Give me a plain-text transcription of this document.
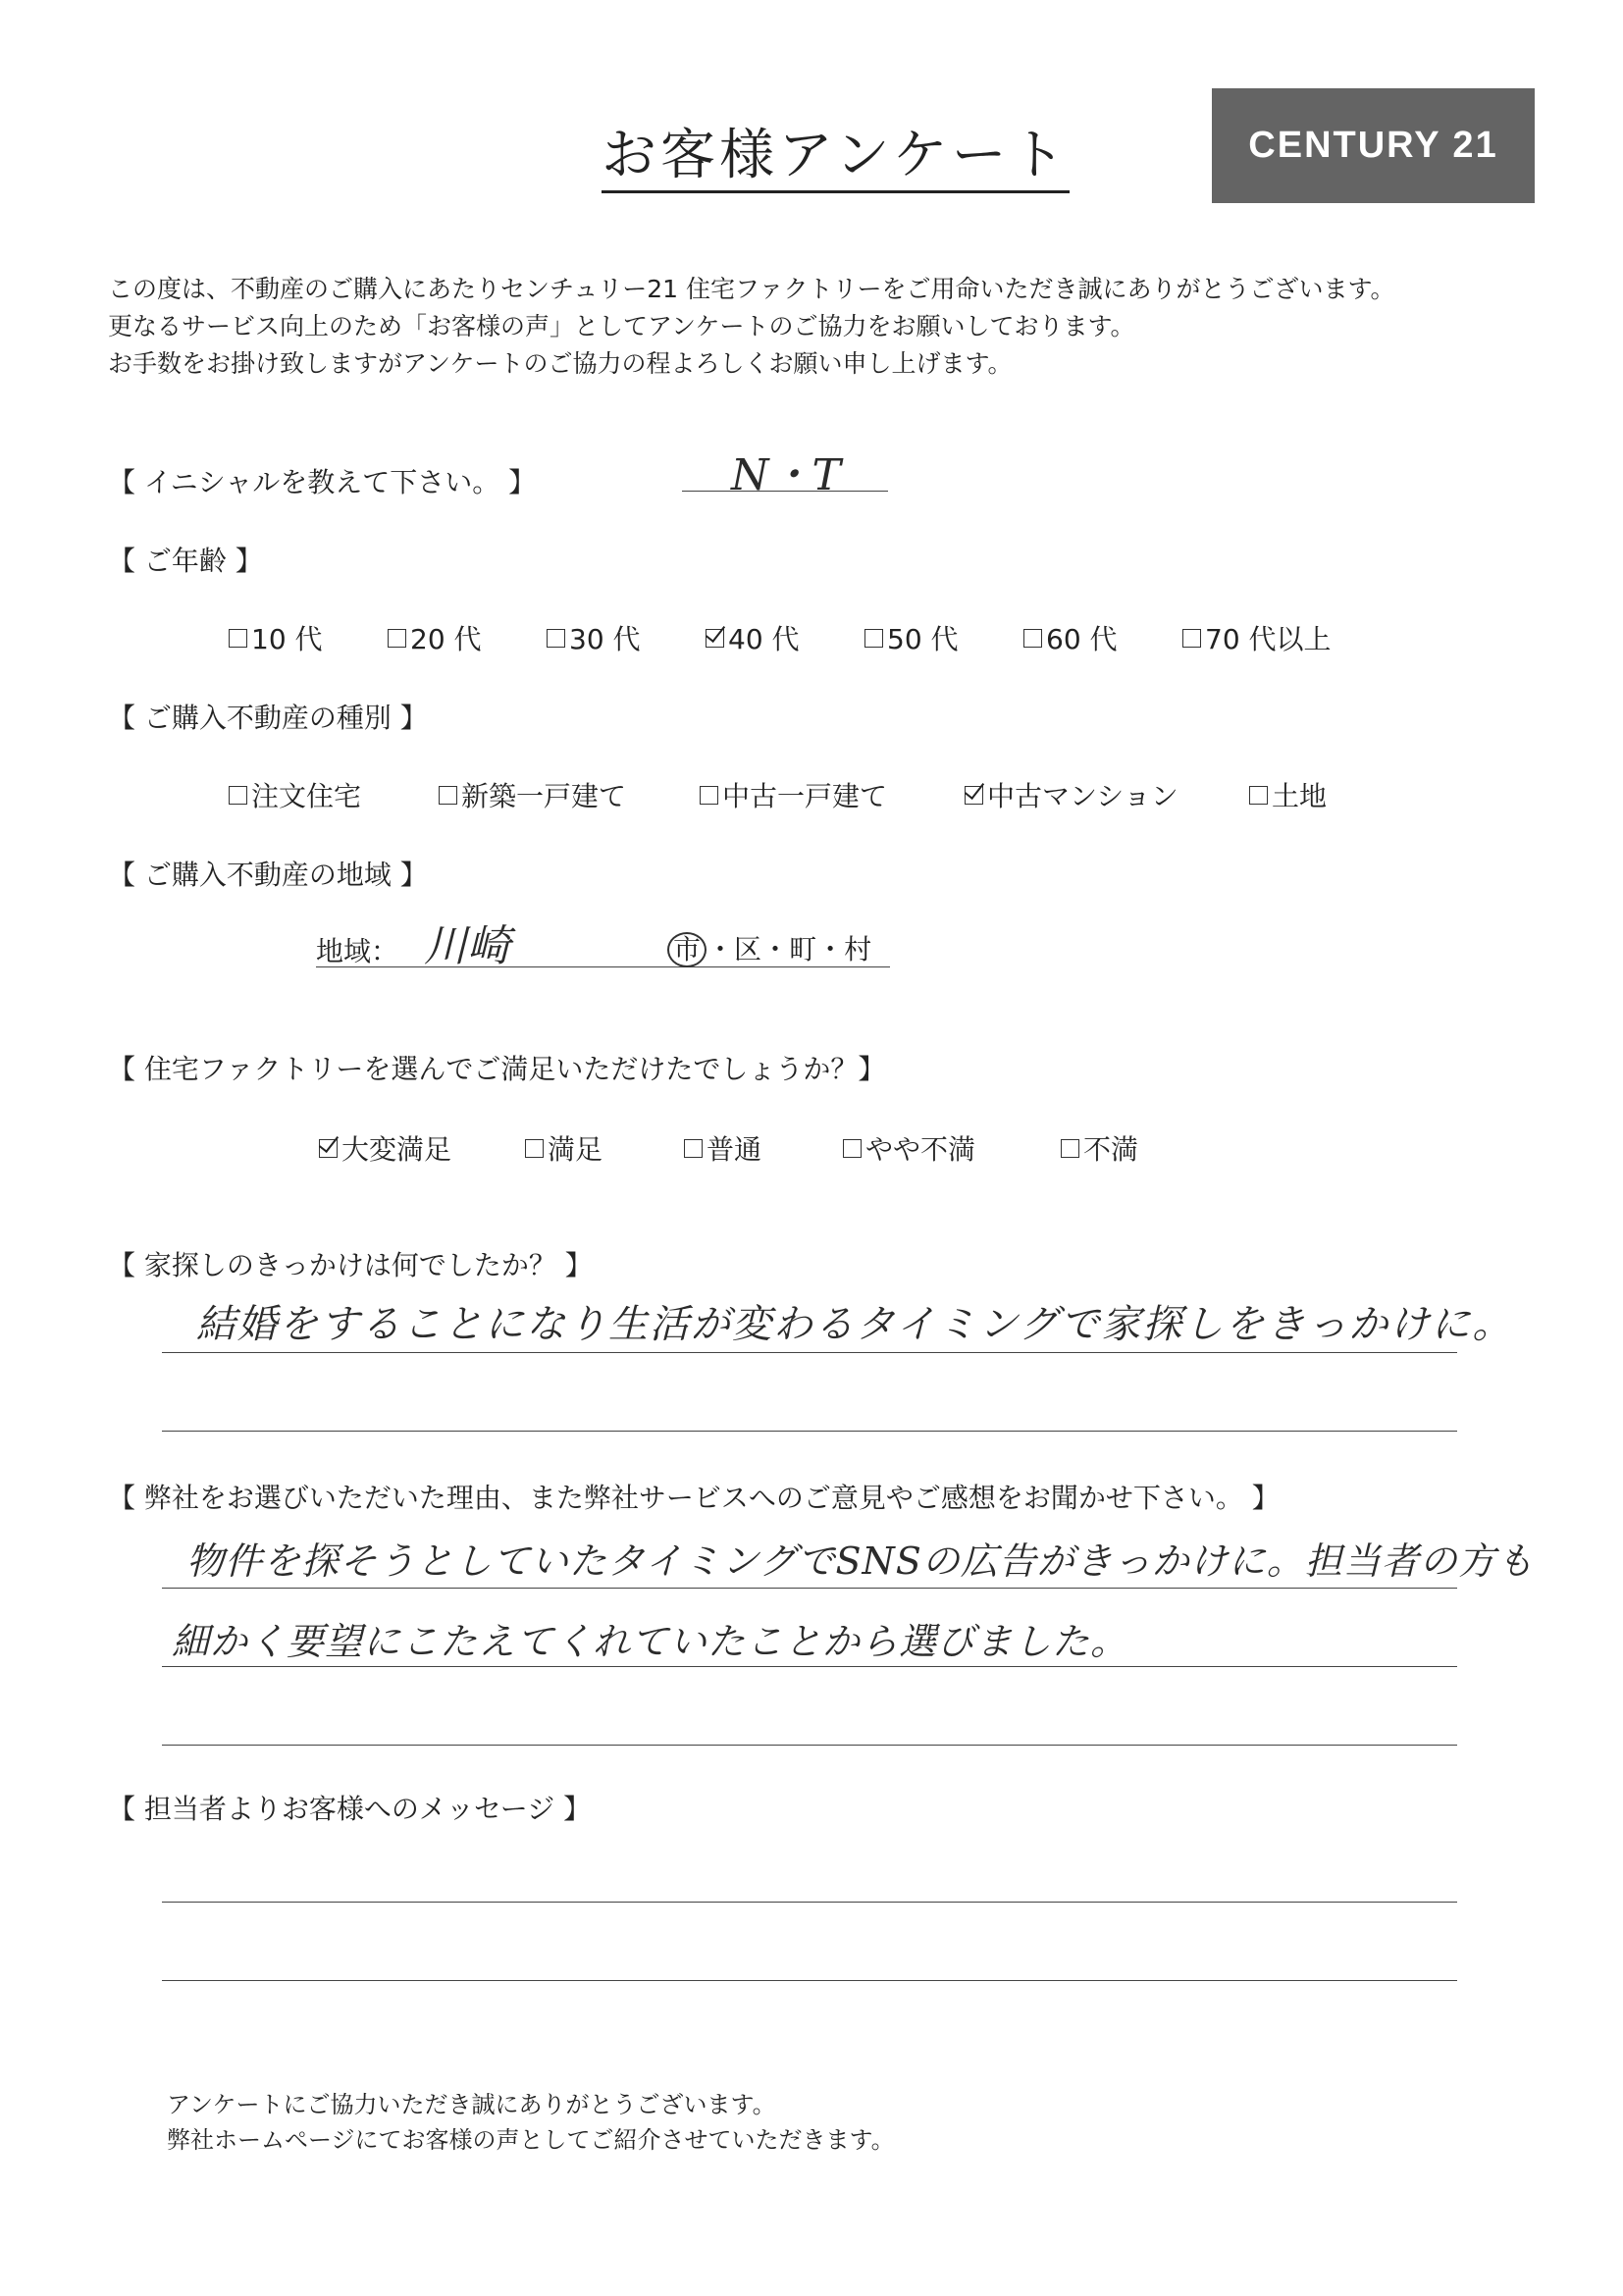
お客様アンケート	CENTURY 21
この度は、不動産のご購入にあたりセンチュリー21 住宅ファクトリーをご用命いただき誠にありがとうございます。
更なるサービス向上のため「お客様の声」としてアンケートのご協力をお願いしております。
お手数をお掛け致しますがアンケートのご協力の程よろしくお願い申し上げます。
【 イニシャルを教えて下さい。 】	N・T
【 ご年齢 】
10 代	20 代	30 代	40 代	50 代	60 代	70 代以上
【 ご購入不動産の種別 】
注文住宅	新築一戸建て	中古一戸建て	中古マンション	土地
【 ご購入不動産の地域 】
地域： 川崎	市 ・区・町・村
【 住宅ファクトリーを選んでご満足いただけたでしょうか？】
大変満足	満足	普通	やや不満	不満
【 家探しのきっかけは何でしたか？ 】
結婚をすることになり生活が変わるタイミングで家探しをきっかけに。
【 弊社をお選びいただいた理由、また弊社サービスへのご意見やご感想をお聞かせ下さい。 】
物件を探そうとしていたタイミングでSNSの広告がきっかけに。担当者の方も
細かく要望にこたえてくれていたことから選びました。
【 担当者よりお客様へのメッセージ 】
アンケートにご協力いただき誠にありがとうございます。
弊社ホームページにてお客様の声としてご紹介させていただきます。
